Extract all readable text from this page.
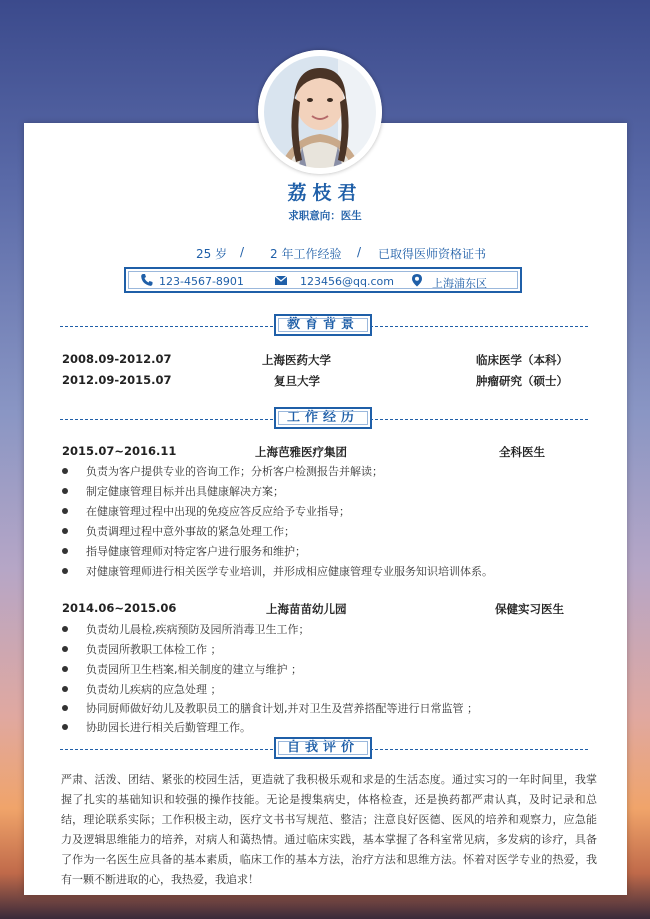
荔枝君
求职意向：医生
25 岁 / 2 年工作经验 / 已取得医师资格证书
123-4567-8901	123456@qq.com	上海浦东区
教育背景
2008.09-2012.07	上海医药大学	临床医学（本科）
2012.09-2015.07	复旦大学	肿瘤研究（硕士）
工作经历
2015.07~2016.11	上海芭雅医疗集团	全科医生
负责为客户提供专业的咨询工作；分析客户检测报告并解读；
制定健康管理目标并出具健康解决方案；
在健康管理过程中出现的免疫应答反应给予专业指导；
负责调理过程中意外事故的紧急处理工作；
指导健康管理师对特定客户进行服务和维护；
对健康管理师进行相关医学专业培训，并形成相应健康管理专业服务知识培训体系。
2014.06~2015.06	上海苗苗幼儿园	保健实习医生
负责幼儿晨检,疾病预防及园所消毒卫生工作；
负责园所教职工体检工作 ；
负责园所卫生档案,相关制度的建立与维护 ；
负责幼儿疾病的应急处理 ；
协同厨师做好幼儿及教职员工的膳食计划,并对卫生及营养搭配等进行日常监管 ；
协助园长进行相关后勤管理工作。
自我评价
严肃、活泼、团结、紧张的校园生活，更造就了我积极乐观和求是的生活态度。通过实习的一年时间里，我掌握了扎实的基础知识和较强的操作技能。无论是搜集病史，体格检查，还是换药都严肃认真，及时记录和总结，理论联系实际；工作积极主动，医疗文书书写规范、整洁；注意良好医德、医风的培养和观察力，应急能力及逻辑思维能力的培养，对病人和蔼热情。通过临床实践，基本掌握了各科室常见病，多发病的诊疗，具备了作为一名医生应具备的基本素质，临床工作的基本方法，治疗方法和思维方法。怀着对医学专业的热爱，我有一颗不断进取的心，我热爱，我追求！
